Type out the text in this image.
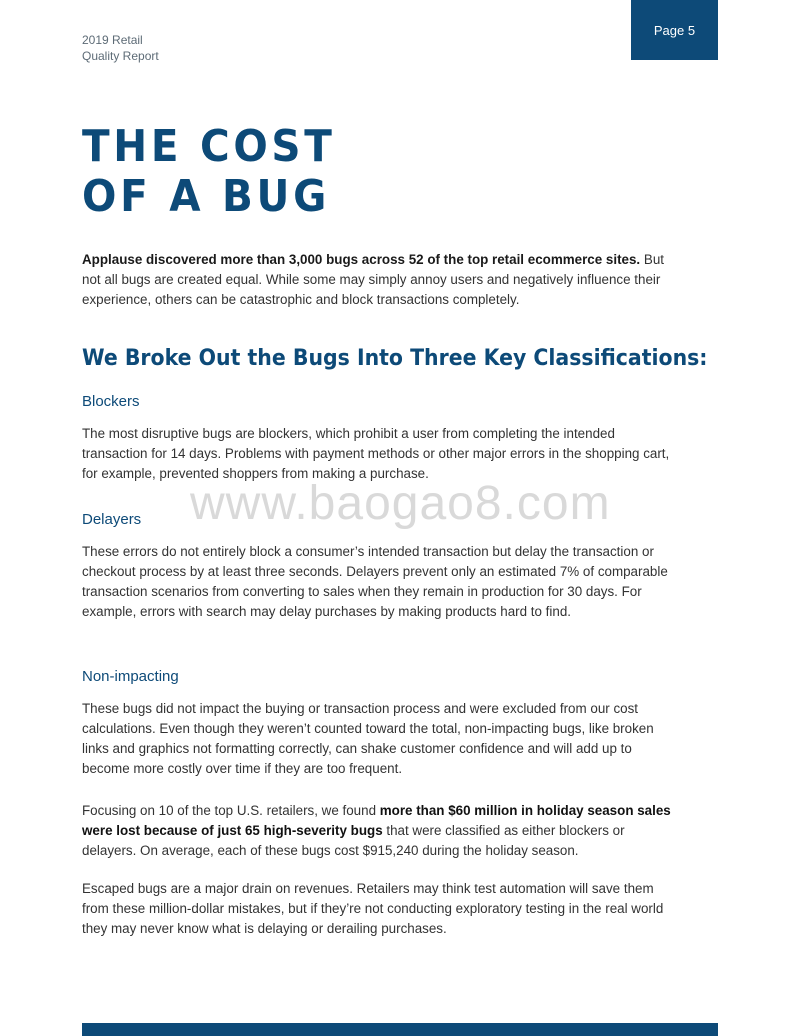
2019 Retail
Quality Report
Page 5
THE COST
OF A BUG

Applause discovered more than 3,000 bugs across 52 of the top retail ecommerce sites. But not all bugs are created equal. While some may simply annoy users and negatively influence their experience, others can be catastrophic and block transactions completely.

We Broke Out the Bugs Into Three Key Classifications:
Blockers

The most disruptive bugs are blockers, which prohibit a user from completing the intended transaction for 14 days. Problems with payment methods or other major errors in the shopping cart, for example, prevented shoppers from making a purchase.

www.baogao8.com
Delayers

These errors do not entirely block a consumer’s intended transaction but delay the transaction or checkout process by at least three seconds. Delayers prevent only an estimated 7% of comparable transaction scenarios from converting to sales when they remain in production for 30 days. For example, errors with search may delay purchases by making products hard to find.

Non-impacting

These bugs did not impact the buying or transaction process and were excluded from our cost calculations. Even though they weren’t counted toward the total, non-impacting bugs, like broken links and graphics not formatting correctly, can shake customer confidence and will add up to become more costly over time if they are too frequent.

Focusing on 10 of the top U.S. retailers, we found more than $60 million in holiday season sales were lost because of just 65 high-severity bugs that were classified as either blockers or delayers. On average, each of these bugs cost $915,240 during the holiday season.

Escaped bugs are a major drain on revenues. Retailers may think test automation will save them from these million-dollar mistakes, but if they’re not conducting exploratory testing in the real world they may never know what is delaying or derailing purchases.
